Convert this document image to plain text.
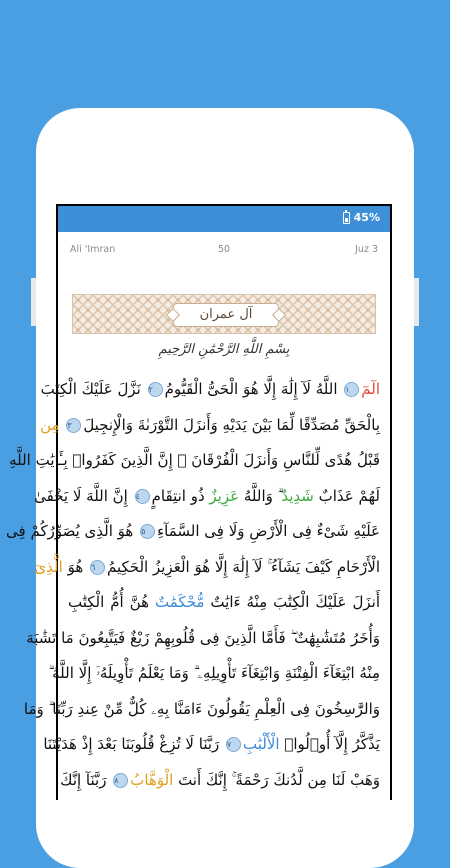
45%
Ali 'Imran	50	Juz 3
آل عمران
بِسْمِ اللَّهِ الرَّحْمَٰنِ الرَّحِيمِ
الٓمٓ١ اللَّهُ لَآ إِلَٰهَ إِلَّا هُوَ الْحَىُّ الْقَيُّومُ٢ نَزَّلَ عَلَيْكَ الْكِتَٰبَ
بِالْحَقِّ مُصَدِّقًا لِّمَا بَيْنَ يَدَيْهِ وَأَنزَلَ التَّوْرَىٰةَ وَالْإِنجِيلَ٣ مِن
قَبْلُ هُدًى لِّلنَّاسِ وَأَنزَلَ الْفُرْقَانَ ۗ إِنَّ الَّذِينَ كَفَرُوا۟ بِـَٔايَٰتِ اللَّهِ
لَهُمْ عَذَابٌ شَدِيدٌ ۗ وَاللَّهُ عَزِيزٌ ذُو انتِقَامٍ٤ إِنَّ اللَّهَ لَا يَخْفَىٰ
عَلَيْهِ شَىْءٌ فِى الْأَرْضِ وَلَا فِى السَّمَآءِ٥ هُوَ الَّذِى يُصَوِّرُكُمْ فِى
الْأَرْحَامِ كَيْفَ يَشَآءُ ۚ لَآ إِلَٰهَ إِلَّا هُوَ الْعَزِيزُ الْحَكِيمُ٦ هُوَ الَّذِىٓ
أَنزَلَ عَلَيْكَ الْكِتَٰبَ مِنْهُ ءَايَٰتٌ مُّحْكَمَٰتٌ هُنَّ أُمُّ الْكِتَٰبِ
وَأُخَرُ مُتَشَٰبِهَٰتٌ ۖ فَأَمَّا الَّذِينَ فِى قُلُوبِهِمْ زَيْغٌ فَيَتَّبِعُونَ مَا تَشَٰبَهَ
مِنْهُ ابْتِغَآءَ الْفِتْنَةِ وَابْتِغَآءَ تَأْوِيلِهِۦ ۗ وَمَا يَعْلَمُ تَأْوِيلَهُۥٓ إِلَّا اللَّهُ ۗ
وَالرَّٰسِخُونَ فِى الْعِلْمِ يَقُولُونَ ءَامَنَّا بِهِۦ كُلٌّ مِّنْ عِندِ رَبِّنَا ۗ وَمَا
يَذَّكَّرُ إِلَّآ أُو۟لُوا۟ الْأَلْبَٰبِ٧ رَبَّنَا لَا تُزِغْ قُلُوبَنَا بَعْدَ إِذْ هَدَيْتَنَا
وَهَبْ لَنَا مِن لَّدُنكَ رَحْمَةً ۚ إِنَّكَ أَنتَ الْوَهَّابُ٨ رَبَّنَآ إِنَّكَ
